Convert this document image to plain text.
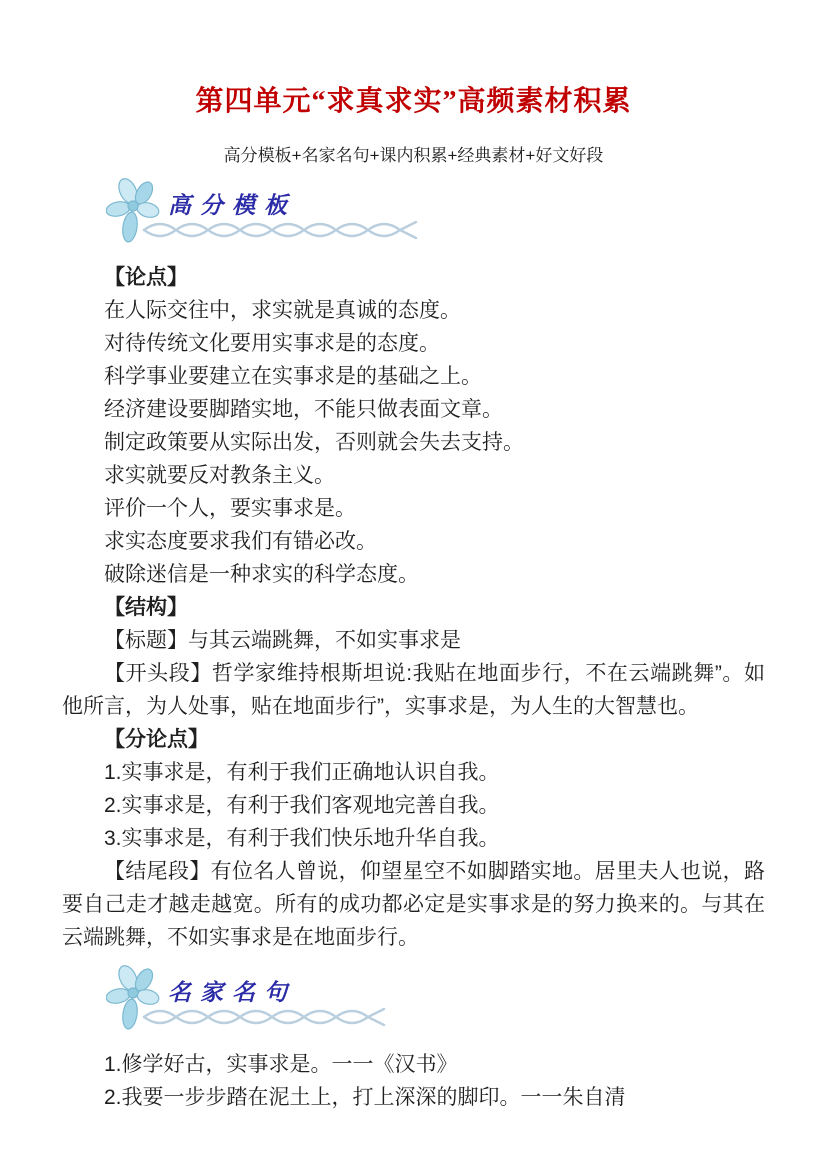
第四单元“求真求实”高频素材积累
高分模板+名家名句+课内积累+经典素材+好文好段
高分模板

【论点】

在人际交往中，求实就是真诚的态度。

对待传统文化要用实事求是的态度。

科学事业要建立在实事求是的基础之上。

经济建设要脚踏实地，不能只做表面文章。

制定政策要从实际出发，否则就会失去支持。

求实就要反对教条主义。

评价一个人，要实事求是。

求实态度要求我们有错必改。

破除迷信是一种求实的科学态度。

【结构】

【标题】与其云端跳舞，不如实事求是

【开头段】哲学家维持根斯坦说:我贴在地面步行，不在云端跳舞”。如他所言，为人处事，贴在地面步行”，实事求是，为人生的大智慧也。

【分论点】

1.实事求是，有利于我们正确地认识自我。

2.实事求是，有利于我们客观地完善自我。

3.实事求是，有利于我们快乐地升华自我。

【结尾段】有位名人曾说，仰望星空不如脚踏实地。居里夫人也说，路要自己走才越走越宽。所有的成功都必定是实事求是的努力换来的。与其在云端跳舞，不如实事求是在地面步行。

名家名句

1.修学好古，实事求是。一一《汉书》

2.我要一步步踏在泥土上，打上深深的脚印。一一朱自清
